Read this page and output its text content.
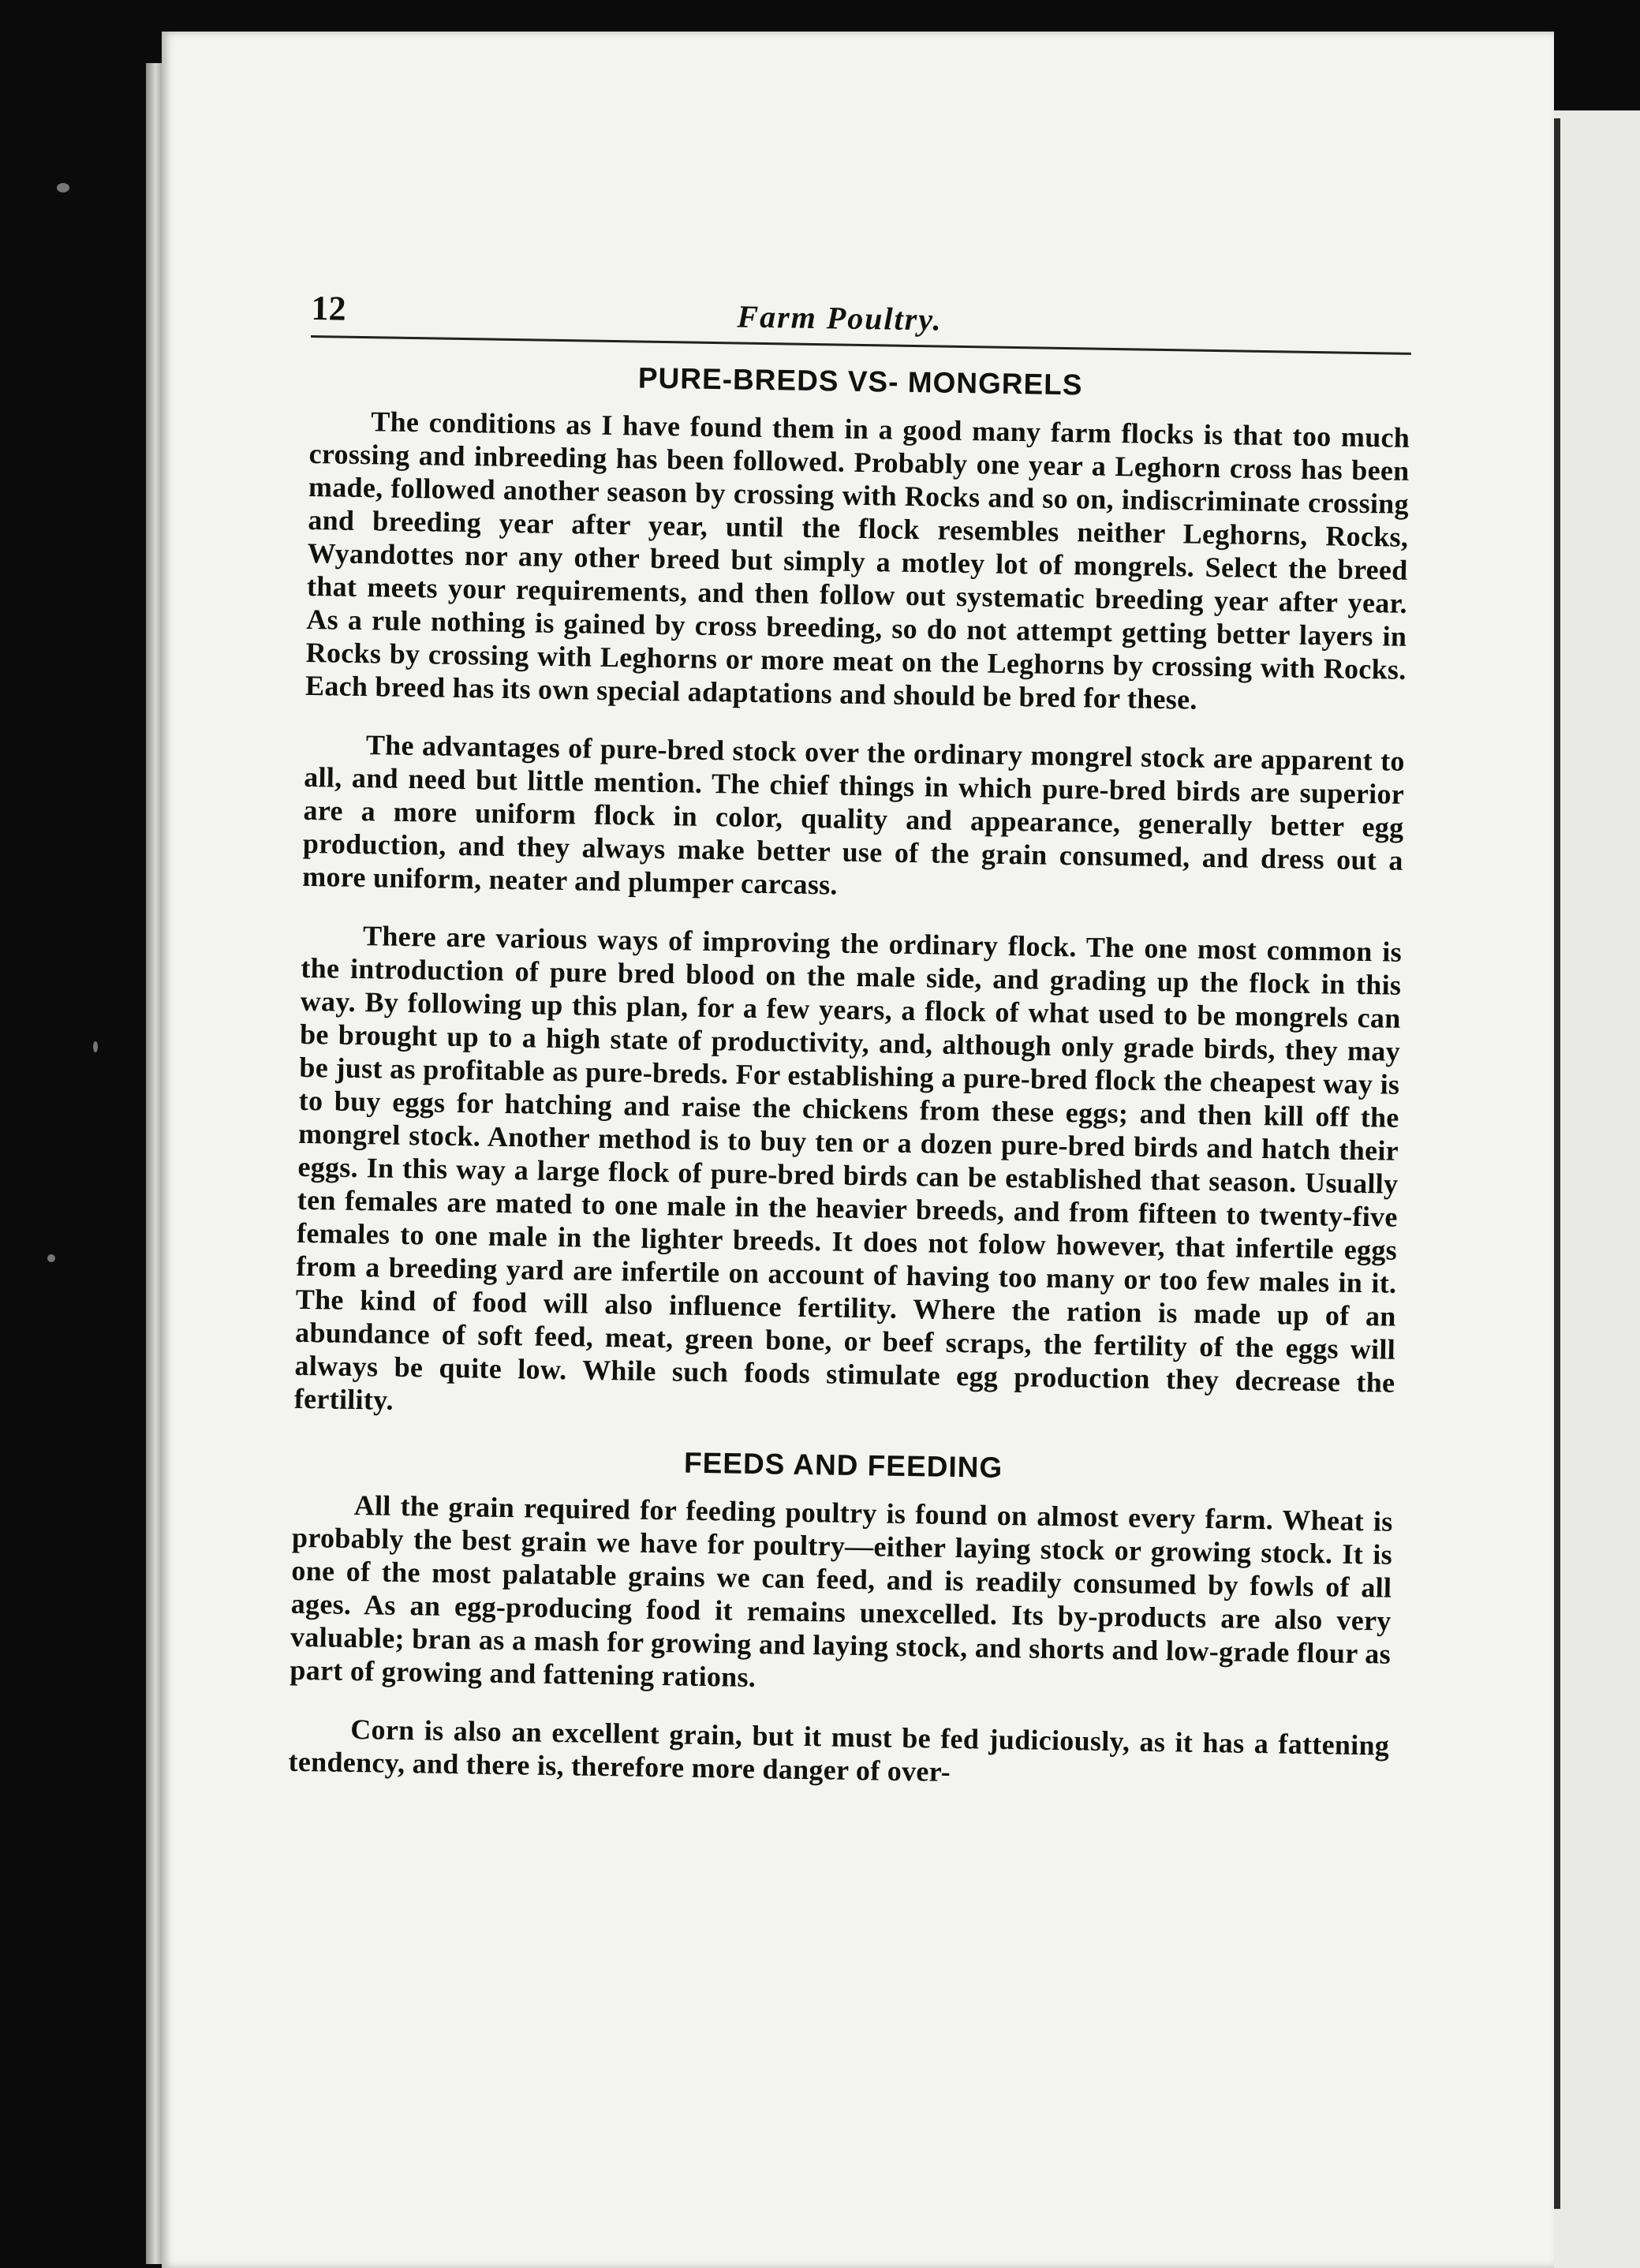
12	Farm Poultry.
PURE-BREDS VS- MONGRELS

The conditions as I have found them in a good many farm flocks is that too much crossing and inbreeding has been followed. Probably one year a Leghorn cross has been made, followed another season by crossing with Rocks and so on, indiscriminate crossing and breeding year after year, until the flock resembles neither Leghorns, Rocks, Wyandottes nor any other breed but simply a motley lot of mongrels. Select the breed that meets your requirements, and then follow out systematic breeding year after year. As a rule nothing is gained by cross breeding, so do not attempt getting better layers in Rocks by crossing with Leghorns or more meat on the Leghorns by crossing with Rocks. Each breed has its own special adaptations and should be bred for these.

The advantages of pure-bred stock over the ordinary mongrel stock are apparent to all, and need but little mention. The chief things in which pure-bred birds are superior are a more uniform flock in color, quality and appearance, generally better egg production, and they always make better use of the grain consumed, and dress out a more uniform, neater and plumper carcass.

There are various ways of improving the ordinary flock. The one most common is the introduction of pure bred blood on the male side, and grading up the flock in this way. By following up this plan, for a few years, a flock of what used to be mongrels can be brought up to a high state of productivity, and, although only grade birds, they may be just as profitable as pure-breds. For establishing a pure-bred flock the cheapest way is to buy eggs for hatching and raise the chickens from these eggs; and then kill off the mongrel stock. Another method is to buy ten or a dozen pure-bred birds and hatch their eggs. In this way a large flock of pure-bred birds can be established that season. Usually ten females are mated to one male in the heavier breeds, and from fifteen to twenty-five females to one male in the lighter breeds. It does not folow however, that infertile eggs from a breeding yard are infertile on account of having too many or too few males in it. The kind of food will also influence fertility. Where the ration is made up of an abundance of soft feed, meat, green bone, or beef scraps, the fertility of the eggs will always be quite low. While such foods stimulate egg production they decrease the fertility.

FEEDS AND FEEDING

All the grain required for feeding poultry is found on almost every farm. Wheat is probably the best grain we have for poultry—either laying stock or growing stock. It is one of the most palatable grains we can feed, and is readily consumed by fowls of all ages. As an egg-producing food it remains unexcelled. Its by-products are also very valuable; bran as a mash for growing and laying stock, and shorts and low-grade flour as part of growing and fattening rations.

Corn is also an excellent grain, but it must be fed judiciously, as it has a fattening tendency, and there is, therefore more danger of over-
